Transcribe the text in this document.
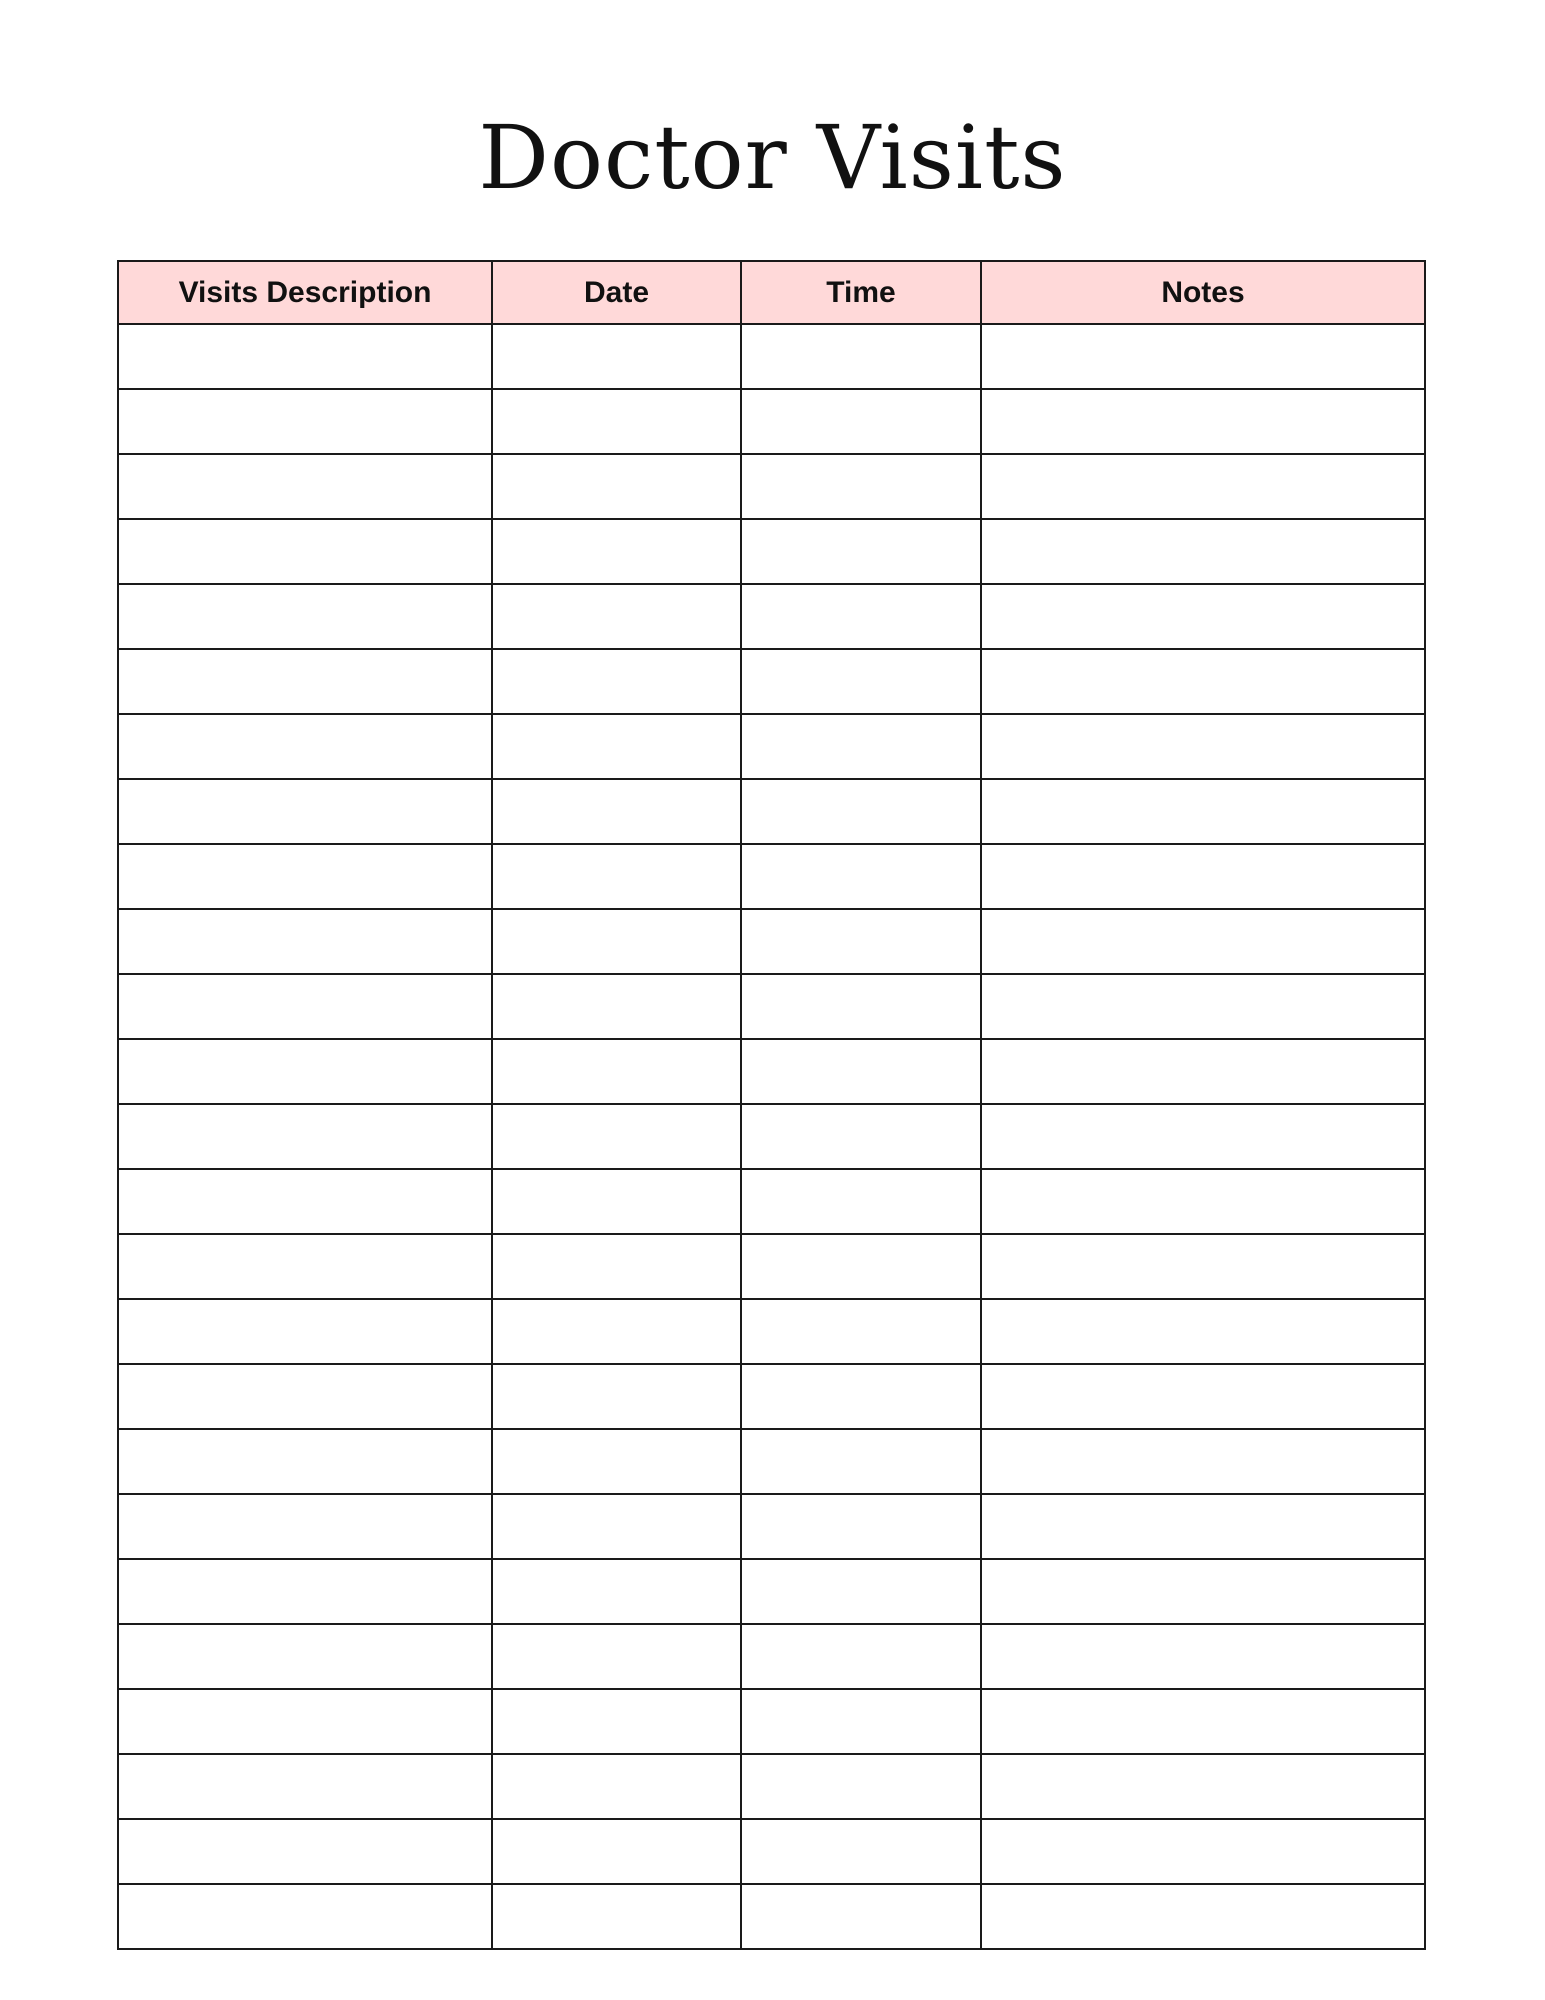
Doctor Visits
Visits Description	Date	Time	Notes
